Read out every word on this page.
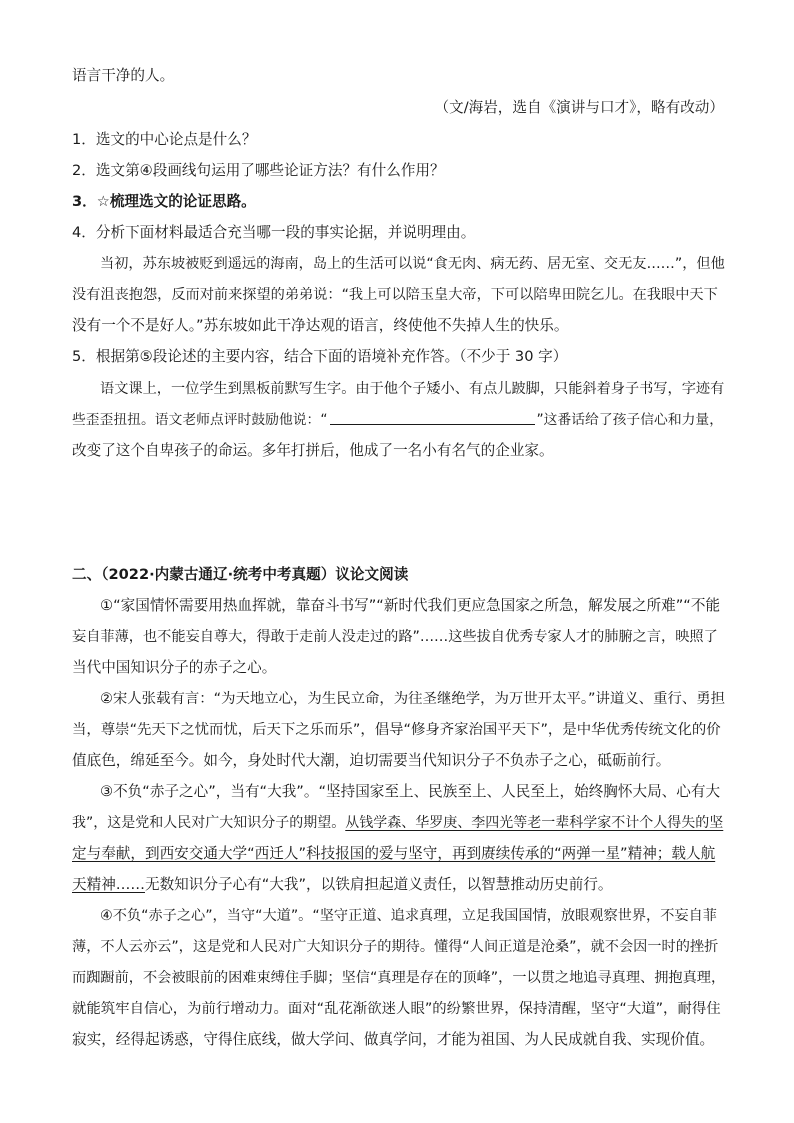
语言干净的人。
（文/海岩，选自《演讲与口才》，略有改动）
1．选文的中心论点是什么？
2．选文第④段画线句运用了哪些论证方法？有什么作用？
3．☆梳理选文的论证思路。
4．分析下面材料最适合充当哪一段的事实论据，并说明理由。
当初，苏东坡被贬到遥远的海南，岛上的生活可以说“食无肉、病无药、居无室、交无友……”，但他
没有沮丧抱怨，反而对前来探望的弟弟说：“我上可以陪玉皇大帝，下可以陪卑田院乞儿。在我眼中天下
没有一个不是好人。”苏东坡如此干净达观的语言，终使他不失掉人生的快乐。
5．根据第⑤段论述的主要内容，结合下面的语境补充作答。（不少于 30 字）
语文课上，一位学生到黑板前默写生字。由于他个子矮小、有点儿跛脚，只能斜着身子书写，字迹有
些歪歪扭扭。语文老师点评时鼓励他说：“	”这番话给了孩子信心和力量，
改变了这个自卑孩子的命运。多年打拼后，他成了一名小有名气的企业家。
二、（2022·内蒙古通辽·统考中考真题）议论文阅读
①“家国情怀需要用热血挥就，靠奋斗书写”“新时代我们更应急国家之所急，解发展之所难”“不能
妄自菲薄，也不能妄自尊大，得敢于走前人没走过的路”……这些拔自优秀专家人才的肺腑之言，映照了
当代中国知识分子的赤子之心。
②宋人张载有言：“为天地立心，为生民立命，为往圣继绝学，为万世开太平。”讲道义、重行、勇担
当，尊崇“先天下之忧而忧，后天下之乐而乐”，倡导“修身齐家治国平天下”，是中华优秀传统文化的价
值底色，绵延至今。如今，身处时代大潮，迫切需要当代知识分子不负赤子之心，砥砺前行。
③不负“赤子之心”，当有“大我”。“坚持国家至上、民族至上、人民至上，始终胸怀大局、心有大
我”，这是党和人民对广大知识分子的期望。从钱学森、华罗庚、李四光等老一辈科学家不计个人得失的坚
定与奉献，到西安交通大学“西迁人”科技报国的爱与坚守，再到赓续传承的“两弹一星”精神；载人航
天精神……无数知识分子心有“大我”，以铁肩担起道义责任，以智慧推动历史前行。
④不负“赤子之心”，当守“大道”。“坚守正道、追求真理，立足我国国情，放眼观察世界，不妄自菲
薄，不人云亦云”，这是党和人民对广大知识分子的期待。懂得“人间正道是沧桑”，就不会因一时的挫折
而踟蹰前，不会被眼前的困难束缚住手脚；坚信“真理是存在的顶峰”，一以贯之地追寻真理、拥抱真理，
就能筑牢自信心，为前行增动力。面对“乱花渐欲迷人眼”的纷繁世界，保持清醒，坚守“大道”，耐得住
寂实，经得起诱惑，守得住底线，做大学问、做真学问，才能为祖国、为人民成就自我、实现价值。
